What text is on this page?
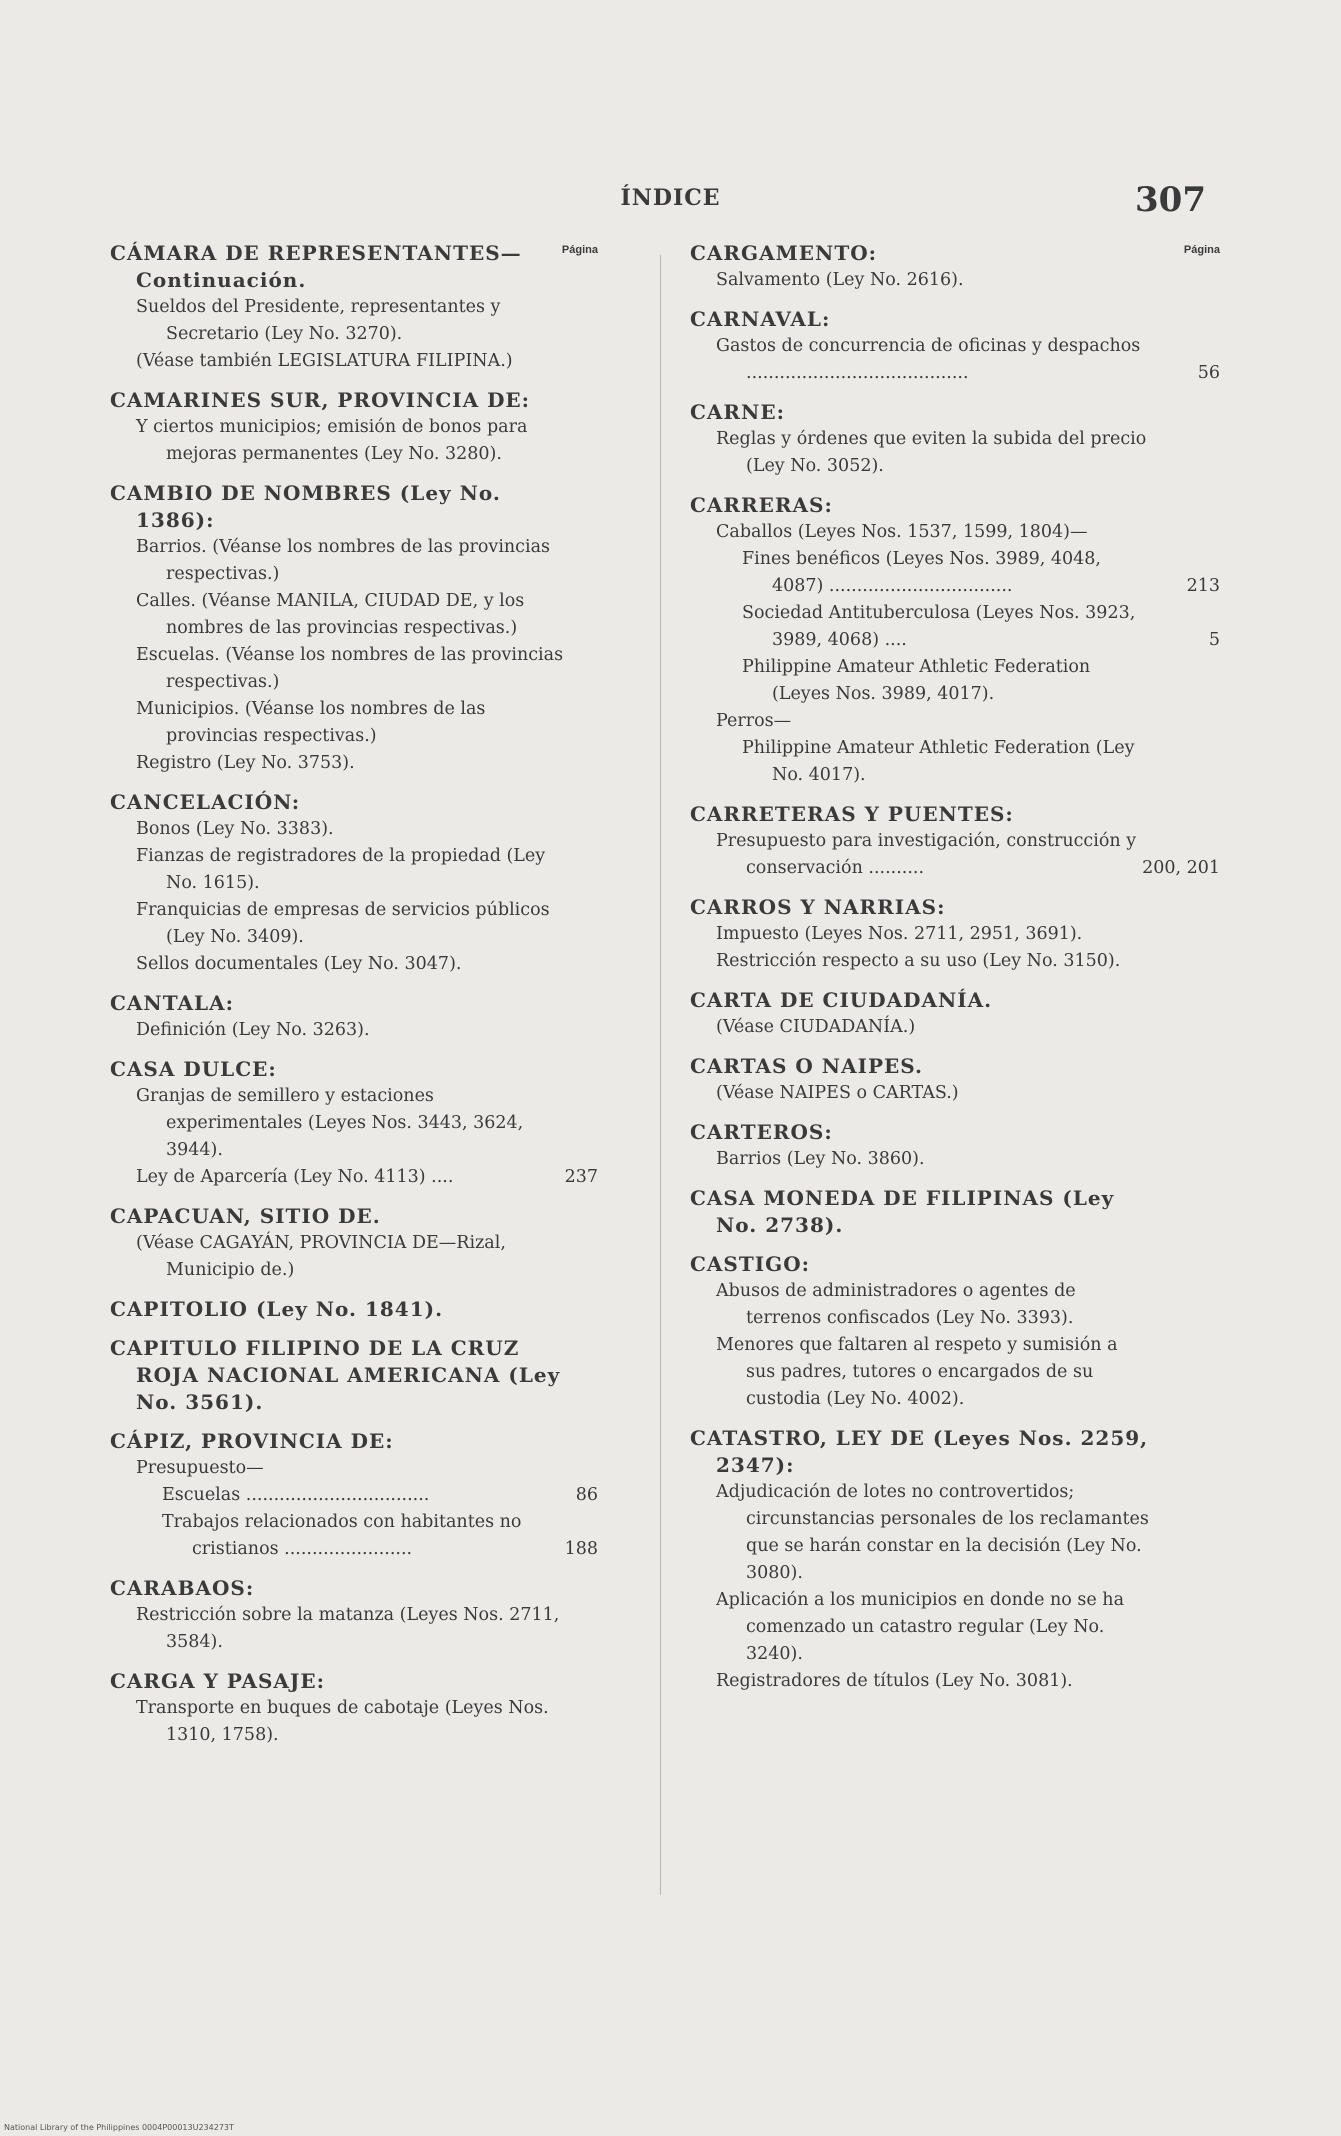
ÍNDICE	307
Página
CÁMARA DE REPRESENTANTES— Continuación.
Sueldos del Presidente, representantes y Secretario (Ley No. 3270).
(Véase también LEGISLATURA FILIPINA.)
CAMARINES SUR, PROVINCIA DE:
Y ciertos municipios; emisión de bonos para mejoras permanentes (Ley No. 3280).
CAMBIO DE NOMBRES (Ley No. 1386):
Barrios. (Véanse los nombres de las provincias respectivas.)
Calles. (Véanse MANILA, CIUDAD DE, y los nombres de las provincias respectivas.)
Escuelas. (Véanse los nombres de las provincias respectivas.)
Municipios. (Véanse los nombres de las provincias respectivas.)
Registro (Ley No. 3753).
CANCELACIÓN:
Bonos (Ley No. 3383).
Fianzas de registradores de la propiedad (Ley No. 1615).
Franquicias de empresas de servicios públicos (Ley No. 3409).
Sellos documentales (Ley No. 3047).
CANTALA:
Definición (Ley No. 3263).
CASA DULCE:
Granjas de semillero y estaciones experimentales (Leyes Nos. 3443, 3624, 3944).
Ley de Aparcería (Ley No. 4113) ....	237
CAPACUAN, SITIO DE.
(Véase CAGAYÁN, PROVINCIA DE—Rizal, Municipio de.)
CAPITOLIO (Ley No. 1841).
CAPITULO FILIPINO DE LA CRUZ ROJA NACIONAL AMERICANA (Ley No. 3561).
CÁPIZ, PROVINCIA DE:
Presupuesto—
Escuelas .................................	86
Trabajos relacionados con habitantes no cristianos .......................	188
CARABAOS:
Restricción sobre la matanza (Leyes Nos. 2711, 3584).
CARGA Y PASAJE:
Transporte en buques de cabotaje (Leyes Nos. 1310, 1758).
Página
CARGAMENTO:
Salvamento (Ley No. 2616).
CARNAVAL:
Gastos de concurrencia de oficinas y despachos ........................................	56
CARNE:
Reglas y órdenes que eviten la subida del precio (Ley No. 3052).
CARRERAS:
Caballos (Leyes Nos. 1537, 1599, 1804)—
Fines benéficos (Leyes Nos. 3989, 4048, 4087) .................................	213
Sociedad Antituberculosa (Leyes Nos. 3923, 3989, 4068) ....	5
Philippine Amateur Athletic Federation (Leyes Nos. 3989, 4017).
Perros—
Philippine Amateur Athletic Federation (Ley No. 4017).
CARRETERAS Y PUENTES:
Presupuesto para investigación, construcción y conservación ..........	200, 201
CARROS Y NARRIAS:
Impuesto (Leyes Nos. 2711, 2951, 3691).
Restricción respecto a su uso (Ley No. 3150).
CARTA DE CIUDADANÍA.
(Véase CIUDADANÍA.)
CARTAS O NAIPES.
(Véase NAIPES o CARTAS.)
CARTEROS:
Barrios (Ley No. 3860).
CASA MONEDA DE FILIPINAS (Ley No. 2738).
CASTIGO:
Abusos de administradores o agentes de terrenos confiscados (Ley No. 3393).
Menores que faltaren al respeto y sumisión a sus padres, tutores o encargados de su custodia (Ley No. 4002).
CATASTRO, LEY DE (Leyes Nos. 2259, 2347):
Adjudicación de lotes no controvertidos; circunstancias personales de los reclamantes que se harán constar en la decisión (Ley No. 3080).
Aplicación a los municipios en donde no se ha comenzado un catastro regular (Ley No. 3240).
Registradores de títulos (Ley No. 3081).
National Library of the Philippines 0004P00013U234273T
